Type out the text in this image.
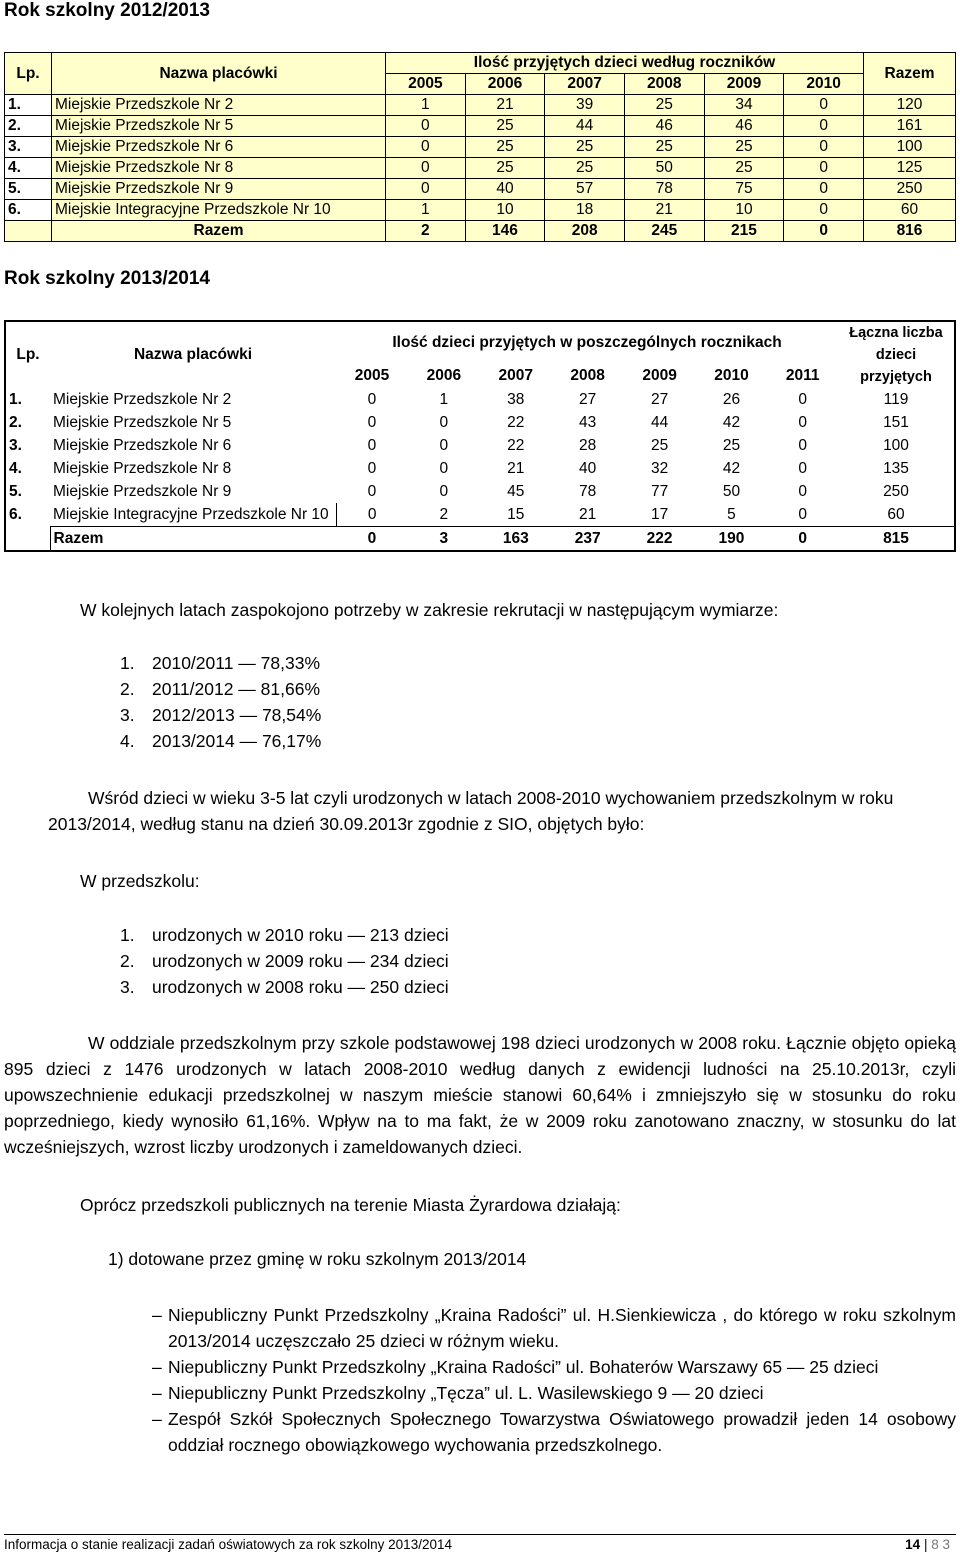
Rok szkolny 2012/2013
Lp.	Nazwa placówki	Ilość przyjętych dzieci według roczników						Razem
		2005	2006	2007	2008	2009	2010	
1.	Miejskie Przedszkole Nr 2	1	21	39	25	34	0	120
2.	Miejskie Przedszkole Nr 5	0	25	44	46	46	0	161
3.	Miejskie Przedszkole Nr 6	0	25	25	25	25	0	100
4.	Miejskie Przedszkole Nr 8	0	25	25	50	25	0	125
5.	Miejskie Przedszkole Nr 9	0	40	57	78	75	0	250
6.	Miejskie Integracyjne Przedszkole Nr 10	1	10	18	21	10	0	60
	Razem	2	146	208	245	215	0	816
Rok szkolny 2013/2014
Lp.	Nazwa placówki	Ilość dzieci przyjętych w poszczególnych rocznikach							Łączna liczba dzieci przyjętych
		2005	2006	2007	2008	2009	2010	2011	
1.	Miejskie Przedszkole Nr 2	0	1	38	27	27	26	0	119
2.	Miejskie Przedszkole Nr 5	0	0	22	43	44	42	0	151
3.	Miejskie Przedszkole Nr 6	0	0	22	28	25	25	0	100
4.	Miejskie Przedszkole Nr 8	0	0	21	40	32	42	0	135
5.	Miejskie Przedszkole Nr 9	0	0	45	78	77	50	0	250
6.	Miejskie Integracyjne Przedszkole Nr 10	0	2	15	21	17	5	0	60
	Razem	0	3	163	237	222	190	0	815
W kolejnych latach zaspokojono potrzeby w zakresie rekrutacji w następującym wymiarze:
1. 2010/2011 — 78,33%
2. 2011/2012 — 81,66%
3. 2012/2013 — 78,54%
4. 2013/2014 — 76,17%
Wśród dzieci w wieku 3-5 lat czyli urodzonych w latach 2008-2010 wychowaniem przedszkolnym w roku
2013/2014, według stanu na dzień 30.09.2013r zgodnie z SIO, objętych było:
W przedszkolu:
1. urodzonych w 2010 roku — 213 dzieci
2. urodzonych w 2009 roku — 234 dzieci
3. urodzonych w 2008 roku — 250 dzieci
W oddziale przedszkolnym przy szkole podstawowej 198 dzieci urodzonych w 2008 roku. Łącznie objęto opieką 895 dzieci z 1476 urodzonych w latach 2008-2010 według danych z ewidencji ludności na 25.10.2013r, czyli upowszechnienie edukacji przedszkolnej w naszym mieście stanowi 60,64% i zmniejszyło się w stosunku do roku poprzedniego, kiedy wynosiło 61,16%. Wpływ na to ma fakt, że w 2009 roku zanotowano znaczny, w stosunku do lat wcześniejszych, wzrost liczby urodzonych i zameldowanych dzieci.
Oprócz przedszkoli publicznych na terenie Miasta Żyrardowa działają:
1) dotowane przez gminę w roku szkolnym 2013/2014
– Niepubliczny Punkt Przedszkolny „Kraina Radości” ul. H.Sienkiewicza , do którego w roku szkolnym 2013/2014 uczęszczało 25 dzieci w różnym wieku.
– Niepubliczny Punkt Przedszkolny „Kraina Radości” ul. Bohaterów Warszawy 65 — 25 dzieci
– Niepubliczny Punkt Przedszkolny „Tęcza” ul. L. Wasilewskiego 9 — 20 dzieci
– Zespół Szkół Społecznych Społecznego Towarzystwa Oświatowego prowadził jeden 14 osobowy oddział rocznego obowiązkowego wychowania przedszkolnego.
Informacja o stanie realizacji zadań oświatowych za rok szkolny 2013/2014	14 | 8 3
